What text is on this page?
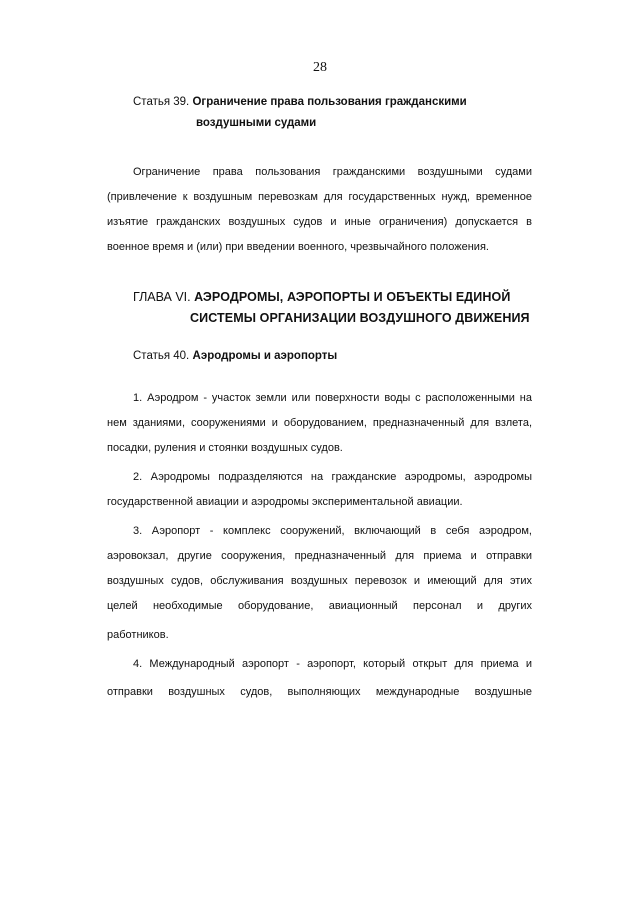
28
Статья 39. Ограничение права пользования гражданскими
воздушными судами
Ограничение права пользования гражданскими воздушными судами
(привлечение к воздушным перевозкам для государственных нужд, временное
изъятие гражданских воздушных судов и иные ограничения) допускается в
военное время и (или) при введении военного, чрезвычайного положения.
ГЛАВА VI. АЭРОДРОМЫ, АЭРОПОРТЫ И ОБЪЕКТЫ ЕДИНОЙ
СИСТЕМЫ ОРГАНИЗАЦИИ ВОЗДУШНОГО ДВИЖЕНИЯ
Статья 40. Аэродромы и аэропорты
1. Аэродром - участок земли или поверхности воды с расположенными на
нем зданиями, сооружениями и оборудованием, предназначенный для взлета,
посадки, руления и стоянки воздушных судов.
2. Аэродромы подразделяются на гражданские аэродромы, аэродромы
государственной авиации и аэродромы экспериментальной авиации.
3. Аэропорт - комплекс сооружений, включающий в себя аэродром,
аэровокзал, другие сооружения, предназначенный для приема и отправки
воздушных судов, обслуживания воздушных перевозок и имеющий для этих
целей необходимые оборудование, авиационный персонал и других
работников.
4. Международный аэропорт - аэропорт, который открыт для приема и
отправки воздушных судов, выполняющих международные воздушные
